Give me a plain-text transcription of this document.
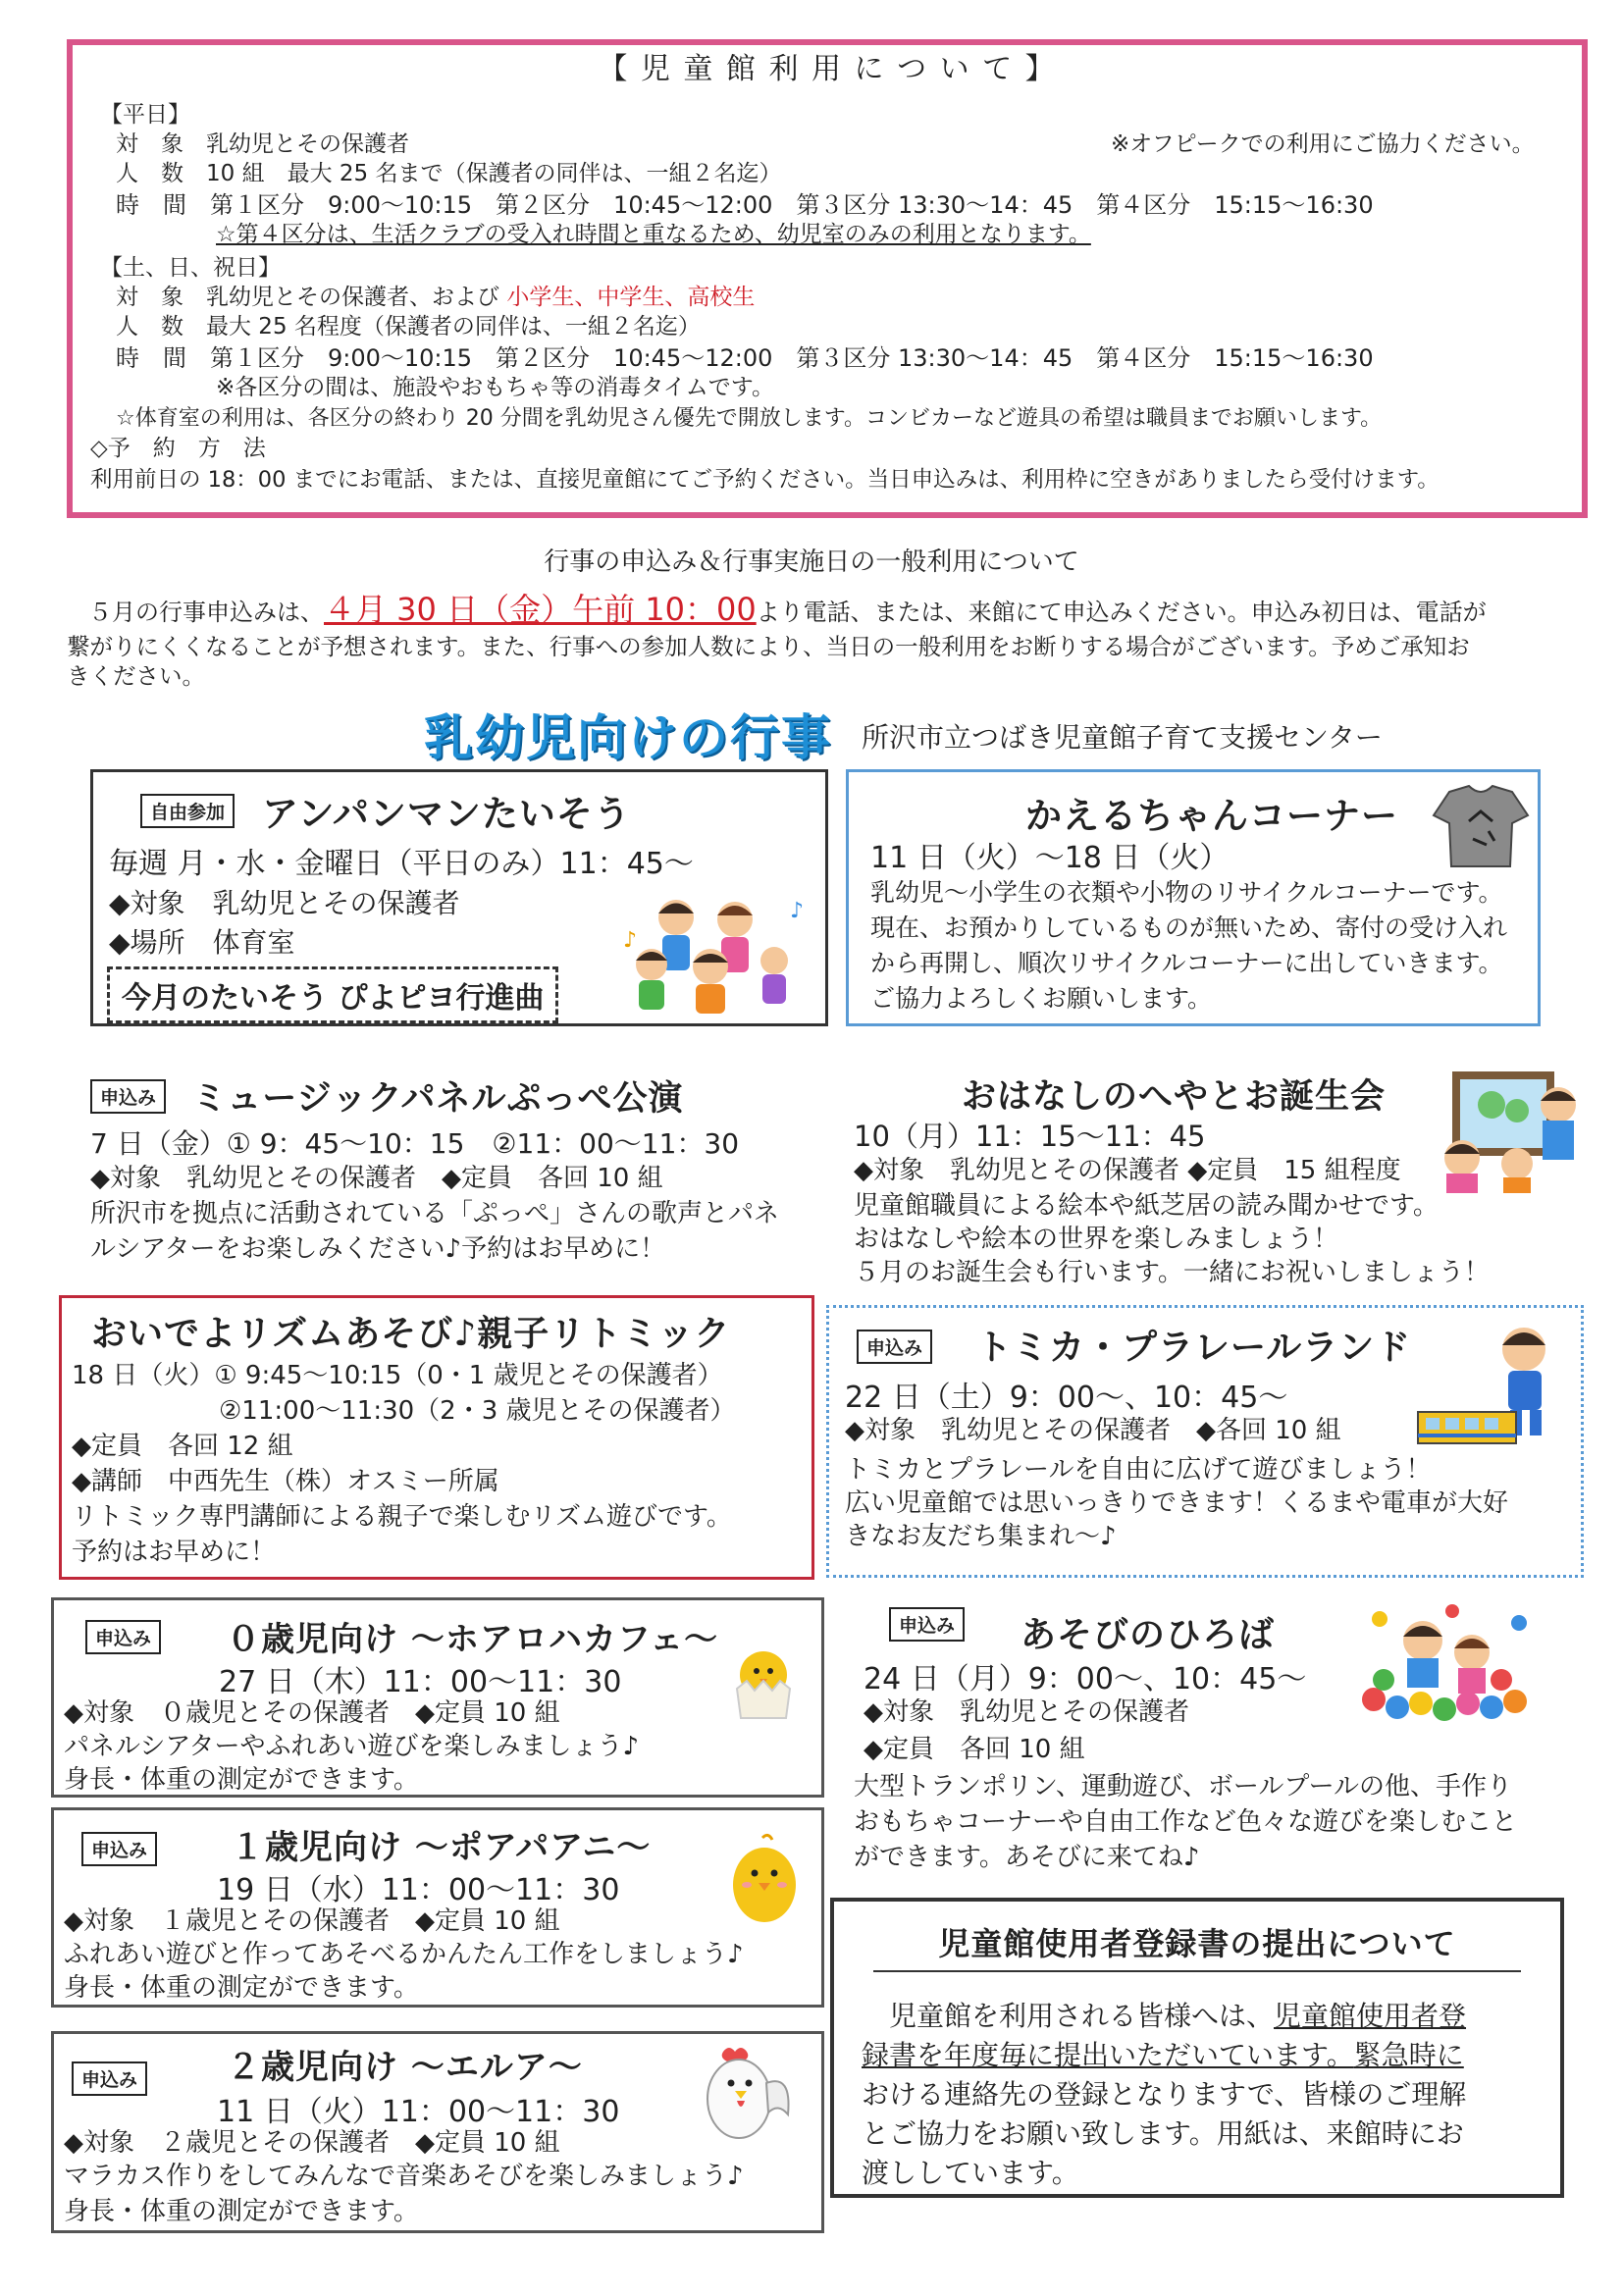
【 児 童 館 利 用 に つ い て 】
【平日】
対　象　乳幼児とその保護者	※オフピークでの利用にご協力ください。
人　数　10 組　最大 25 名まで（保護者の同伴は、一組２名迄）
時　間　第１区分　9:00〜10:15　第２区分　10:45〜12:00　第３区分 13:30〜14：45　第４区分　15:15〜16:30
☆第４区分は、生活クラブの受入れ時間と重なるため、幼児室のみの利用となります。
【土、日、祝日】
対　象　乳幼児とその保護者、および 小学生、中学生、高校生
人　数　最大 25 名程度（保護者の同伴は、一組２名迄）
時　間　第１区分　9:00〜10:15　第２区分　10:45〜12:00　第３区分 13:30〜14：45　第４区分　15:15〜16:30
※各区分の間は、施設やおもちゃ等の消毒タイムです。
☆体育室の利用は、各区分の終わり 20 分間を乳幼児さん優先で開放します。コンビカーなど遊具の希望は職員までお願いします。
◇予　約　方　法
利用前日の 18：00 までにお電話、または、直接児童館にてご予約ください。当日申込みは、利用枠に空きがありましたら受付けます。
行事の申込み＆行事実施日の一般利用について
５月の行事申込みは、４月 30 日（金）午前 10：00より電話、または、来館にて申込みください。申込み初日は、電話が
繋がりにくくなることが予想されます。また、行事への参加人数により、当日の一般利用をお断りする場合がございます。予めご承知お
きください。
乳幼児向けの行事 所沢市立つばき児童館子育て支援センター
自由参加 アンパンマンたいそう
毎週 月・水・金曜日（平日のみ）11：45〜
◆対象　乳幼児とその保護者
◆場所　体育室
今月のたいそう ぴよピヨ行進曲
♪
♪
かえるちゃんコーナー
11 日（火）〜18 日（火）
乳幼児〜小学生の衣類や小物のリサイクルコーナーです。
現在、お預かりしているものが無いため、寄付の受け入れ
から再開し、順次リサイクルコーナーに出していきます。
ご協力よろしくお願いします。
申込み ミュージックパネルぷっぺ公演
7 日（金）① 9：45〜10：15　②11：00〜11：30
◆対象　乳幼児とその保護者　◆定員　各回 10 組
所沢市を拠点に活動されている「ぷっぺ」さんの歌声とパネ
ルシアターをお楽しみください♪予約はお早めに！
おはなしのへやとお誕生会
10（月）11：15〜11：45
◆対象　乳幼児とその保護者 ◆定員　15 組程度
児童館職員による絵本や紙芝居の読み聞かせです。
おはなしや絵本の世界を楽しみましょう！
５月のお誕生会も行います。一緒にお祝いしましょう！
おいでよリズムあそび♪親子リトミック
18 日（火）① 9:45〜10:15（0・1 歳児とその保護者）
②11:00〜11:30（2・3 歳児とその保護者）
◆定員　各回 12 組
◆講師　中西先生（株）オスミー所属
リトミック専門講師による親子で楽しむリズム遊びです。
予約はお早めに！
申込み トミカ・プラレールランド
22 日（土）9：00〜、10：45〜
◆対象　乳幼児とその保護者　◆各回 10 組
トミカとプラレールを自由に広げて遊びましょう！
広い児童館では思いっきりできます！くるまや電車が大好
きなお友だち集まれ〜♪
申込み ０歳児向け 〜ホアロハカフェ〜
27 日（木）11：00〜11：30
◆対象　０歳児とその保護者　◆定員 10 組
パネルシアターやふれあい遊びを楽しみましょう♪
身長・体重の測定ができます。
申込み あそびのひろば
24 日（月）9：00〜、10：45〜
◆対象　乳幼児とその保護者
◆定員　各回 10 組
大型トランポリン、運動遊び、ボールプールの他、手作り
おもちゃコーナーや自由工作など色々な遊びを楽しむこと
ができます。あそびに来てね♪
申込み １歳児向け 〜ポアパアニ〜
19 日（水）11：00〜11：30
◆対象　１歳児とその保護者　◆定員 10 組
ふれあい遊びと作ってあそべるかんたん工作をしましょう♪
身長・体重の測定ができます。
申込み	２歳児向け 〜エルア〜
11 日（火）11：00〜11：30
◆対象　２歳児とその保護者　◆定員 10 組
マラカス作りをしてみんなで音楽あそびを楽しみましょう♪
身長・体重の測定ができます。
児童館使用者登録書の提出について
児童館を利用される皆様へは、児童館使用者登
録書を年度毎に提出いただいています。緊急時に
おける連絡先の登録となりますで、皆様のご理解
とご協力をお願い致します。用紙は、来館時にお
渡ししています。
